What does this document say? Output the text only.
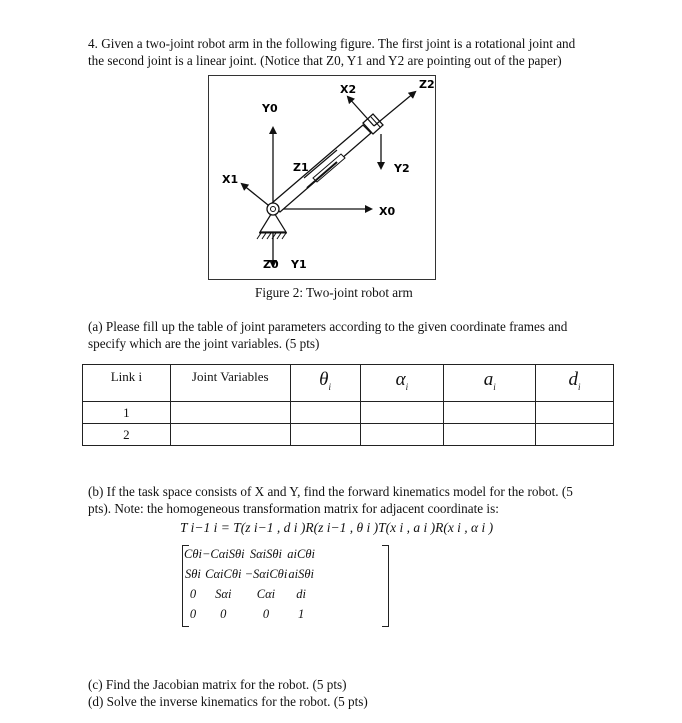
4. Given a two-joint robot arm in the following figure. The first joint is a rotational joint and the second joint is a linear joint. (Notice that Z0, Y1 and Y2 are pointing out of the paper)

Y0
X1
Z1
X2	Z2
Y2
X0
Z0 Y1
Figure 2: Two-joint robot arm

(a) Please fill up the table of joint parameters according to the given coordinate frames and specify which are the joint variables. (5 pts)

Link i	Joint Variables	$\theta_i$	$\alpha_i$	$a_i$	$d_i$

1					
2					

(b) If the task space consists of X and Y, find the forward kinematics model for the robot. (5 pts). Note: the homogeneous transformation matrix for adjacent coordinate is:

T i−1 i = T(z i−1 , d i )R(z i−1 , θ i )T(x i , a i )R(x i , α i )
Cθi	−CαiSθi	SαiSθi	aiCθi
Sθi	CαiCθi	−SαiCθi	aiSθi
0	Sαi	Cαi	di
0	0	0	1

(c) Find the Jacobian matrix for the robot. (5 pts)

(d) Solve the inverse kinematics for the robot. (5 pts)
